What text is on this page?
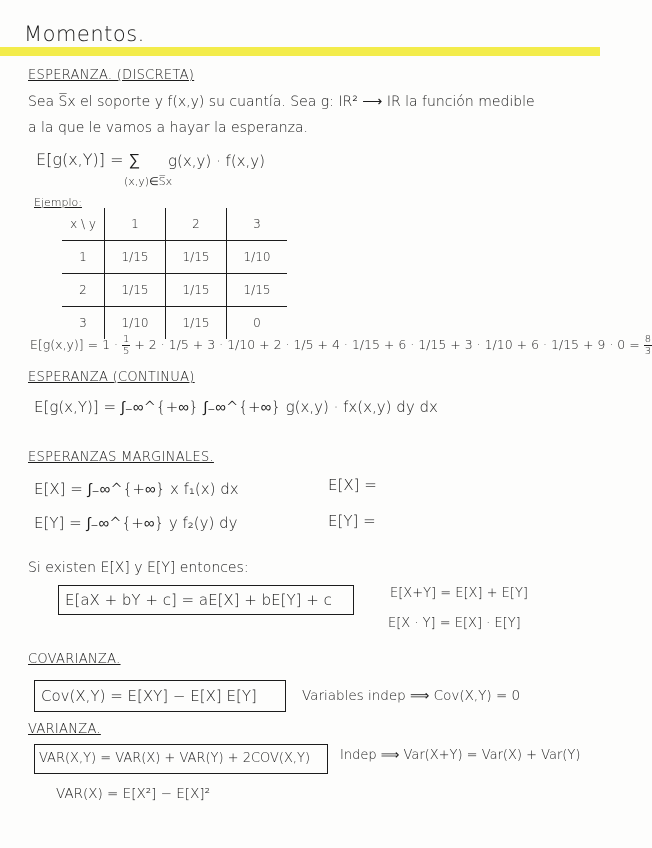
Momentos.
ESPERANZA. (DISCRETA)
Sea S̅x el soporte y f(x,y) su cuantía. Sea g: IR² ⟶ IR la función medible
a la que le vamos a hayar la esperanza.
E[g(x,Y)] = ∑ g(x,y) · f(x,y)
(x,y)∈S̅x
Ejemplo:
x \ y	1	2	3
1	1/15	1/15	1/10
2	1/15	1/15	1/15
3	1/10	1/15	0
$E[g(x,y)] = 1 \cdot \frac{1}{5} + 2 \cdot 1/5 + 3 \cdot 1/10 + 2 \cdot 1/5 + 4 \cdot 1/15 + 6 \cdot 1/15 + 3 \cdot 1/10 + 6 \cdot 1/15 + 9 \cdot 0 = \frac{8}{3}$
ESPERANZA (CONTINUA)
E[g(x,Y)] = ∫₋∞^{+∞} ∫₋∞^{+∞} g(x,y) · fx(x,y) dy dx
ESPERANZAS MARGINALES.
E[X] = ∫₋∞^{+∞} x f₁(x) dx
E[Y] = ∫₋∞^{+∞} y f₂(y) dy
E[X] =
E[Y] =
Si existen E[X] y E[Y] entonces:
E[aX + bY + c] = aE[X] + bE[Y] + c	E[X+Y] = E[X] + E[Y]
E[X · Y] = E[X] · E[Y]
COVARIANZA.
Cov(X,Y) = E[XY] − E[X] E[Y]	Variables indep ⟹ Cov(X,Y) = 0
VARIANZA.
VAR(X,Y) = VAR(X) + VAR(Y) + 2COV(X,Y) Indep ⟹ Var(X+Y) = Var(X) + Var(Y)
VAR(X) = E[X²] − E[X]²
